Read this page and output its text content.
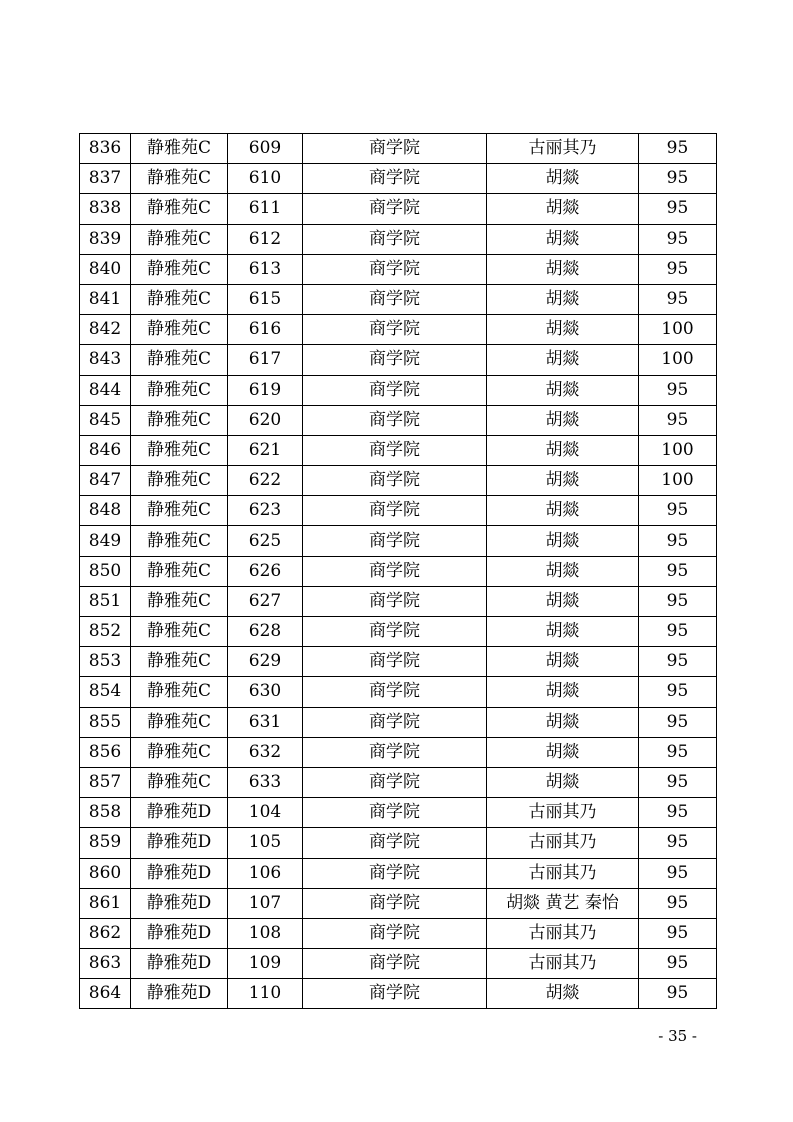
836	静雅苑C	609	商学院	古丽其乃	95
837	静雅苑C	610	商学院	胡燚	95
838	静雅苑C	611	商学院	胡燚	95
839	静雅苑C	612	商学院	胡燚	95
840	静雅苑C	613	商学院	胡燚	95
841	静雅苑C	615	商学院	胡燚	95
842	静雅苑C	616	商学院	胡燚	100
843	静雅苑C	617	商学院	胡燚	100
844	静雅苑C	619	商学院	胡燚	95
845	静雅苑C	620	商学院	胡燚	95
846	静雅苑C	621	商学院	胡燚	100
847	静雅苑C	622	商学院	胡燚	100
848	静雅苑C	623	商学院	胡燚	95
849	静雅苑C	625	商学院	胡燚	95
850	静雅苑C	626	商学院	胡燚	95
851	静雅苑C	627	商学院	胡燚	95
852	静雅苑C	628	商学院	胡燚	95
853	静雅苑C	629	商学院	胡燚	95
854	静雅苑C	630	商学院	胡燚	95
855	静雅苑C	631	商学院	胡燚	95
856	静雅苑C	632	商学院	胡燚	95
857	静雅苑C	633	商学院	胡燚	95
858	静雅苑D	104	商学院	古丽其乃	95
859	静雅苑D	105	商学院	古丽其乃	95
860	静雅苑D	106	商学院	古丽其乃	95
861	静雅苑D	107	商学院	胡燚 黄艺 秦怡	95
862	静雅苑D	108	商学院	古丽其乃	95
863	静雅苑D	109	商学院	古丽其乃	95
864	静雅苑D	110	商学院	胡燚	95
- 35 -
